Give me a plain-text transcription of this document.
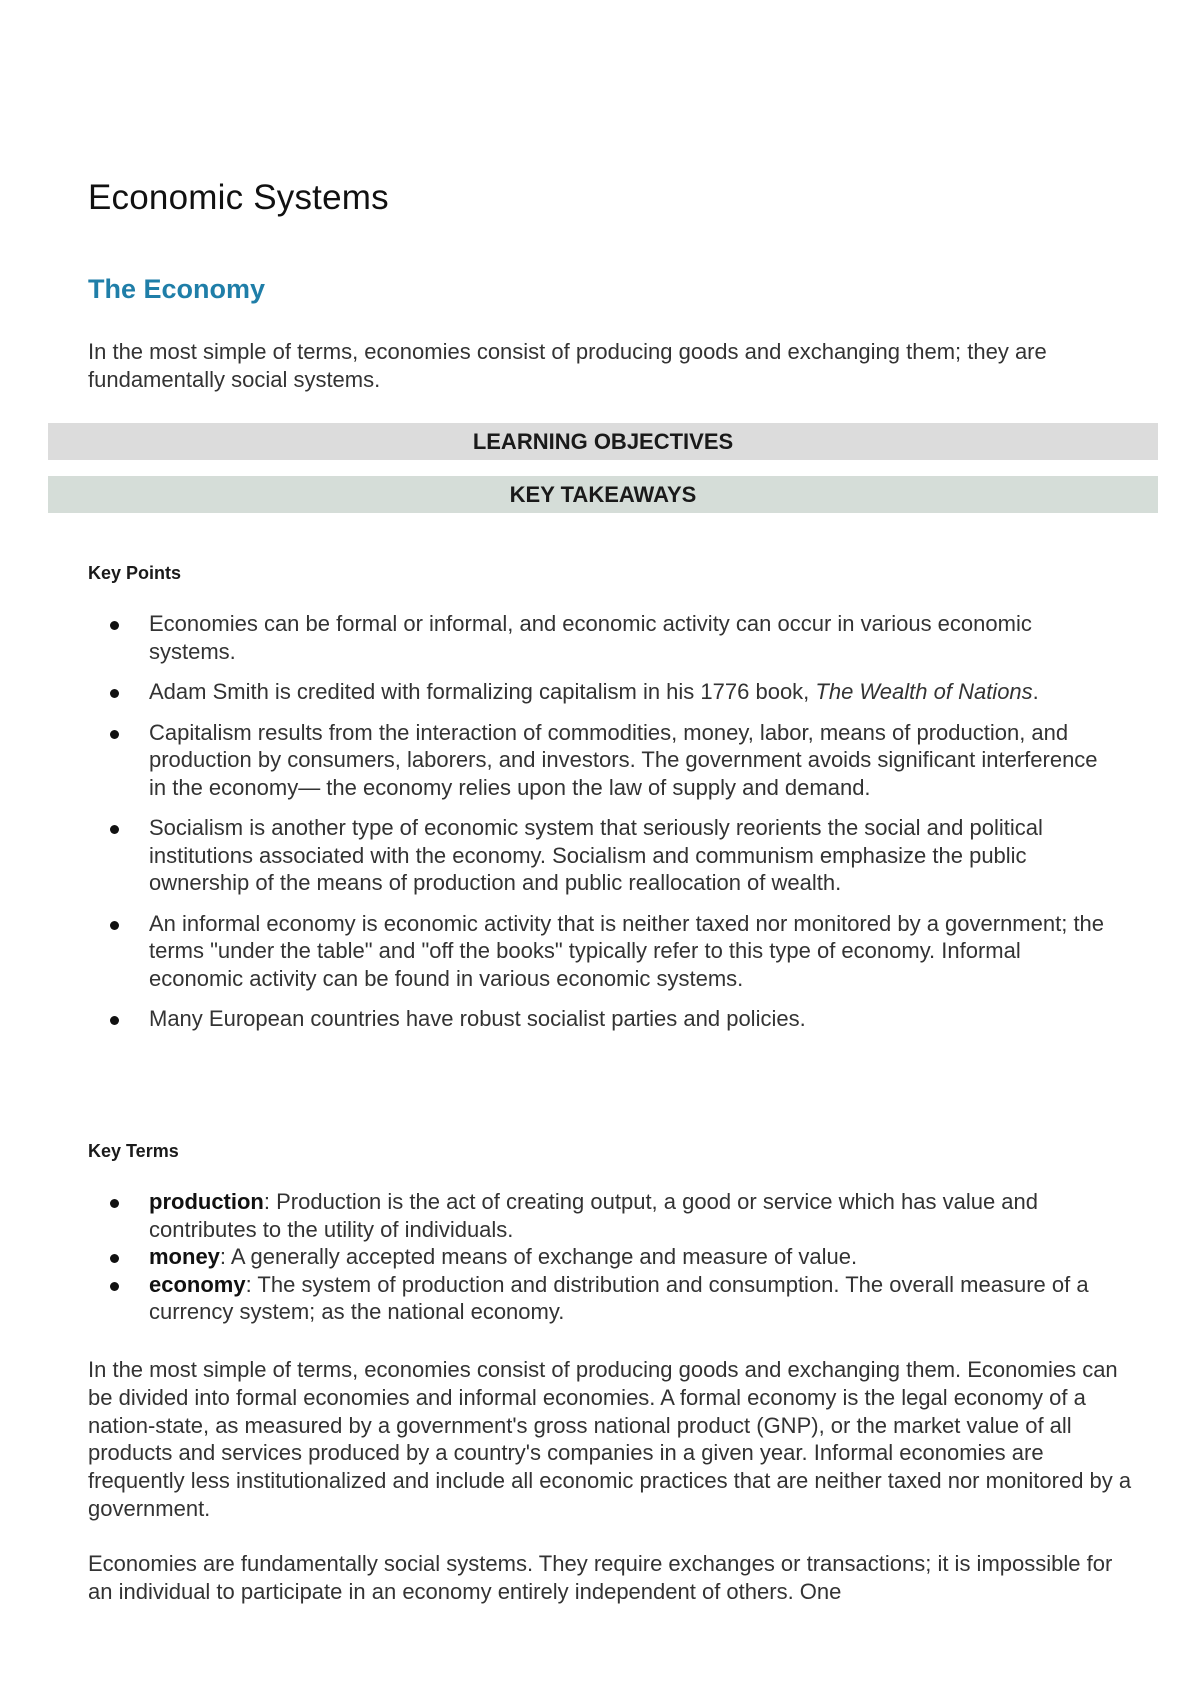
Economic Systems
The Economy

In the most simple of terms, economies consist of producing goods and exchanging them; they are fundamentally social systems.

LEARNING OBJECTIVES
KEY TAKEAWAYS
Key Points
Economies can be formal or informal, and economic activity can occur in various economic systems.
Adam Smith is credited with formalizing capitalism in his 1776 book, The Wealth of Nations.
Capitalism results from the interaction of commodities, money, labor, means of production, and production by consumers, laborers, and investors. The government avoids significant interference in the economy— the economy relies upon the law of supply and demand.
Socialism is another type of economic system that seriously reorients the social and political institutions associated with the economy. Socialism and communism emphasize the public ownership of the means of production and public reallocation of wealth.
An informal economy is economic activity that is neither taxed nor monitored by a government; the terms "under the table" and "off the books" typically refer to this type of economy. Informal economic activity can be found in various economic systems.
Many European countries have robust socialist parties and policies.
Key Terms
production: Production is the act of creating output, a good or service which has value and contributes to the utility of individuals.
money: A generally accepted means of exchange and measure of value.
economy: The system of production and distribution and consumption. The overall measure of a currency system; as the national economy.

In the most simple of terms, economies consist of producing goods and exchanging them. Economies can be divided into formal economies and informal economies. A formal economy is the legal economy of a nation-state, as measured by a government's gross national product (GNP), or the market value of all products and services produced by a country's companies in a given year. Informal economies are frequently less institutionalized and include all economic practices that are neither taxed nor monitored by a government.

Economies are fundamentally social systems. They require exchanges or transactions; it is impossible for an individual to participate in an economy entirely independent of others. One
